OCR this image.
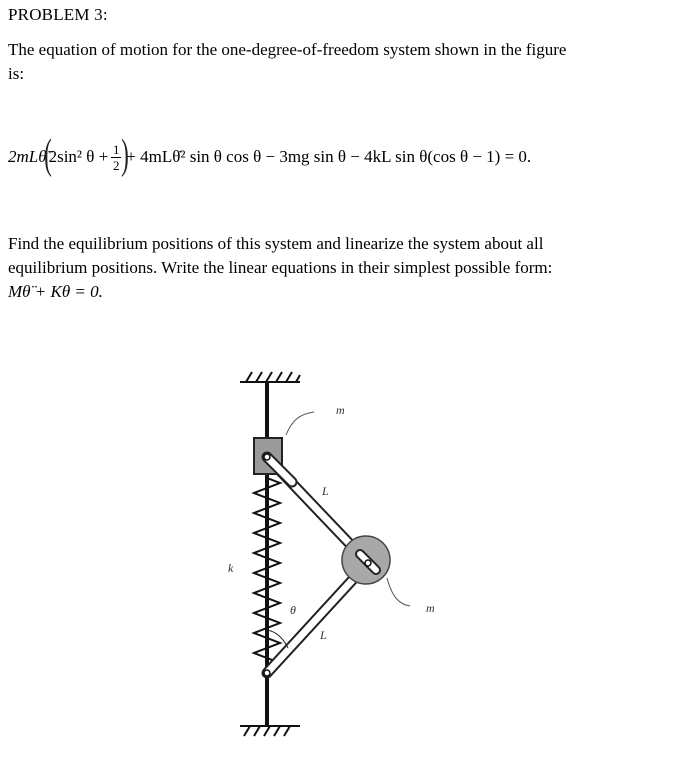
PROBLEM 3:
The equation of motion for the one-degree-of-freedom system shown in the figure
is:
2mLθ̈
(
2sin² $\theta + \frac{1}{2}$ )
+ 4mLθ̇² sin θ cos θ
− 3mg sin θ
− 4kL sin θ(cos θ − 1) = 0.
Find the equilibrium positions of this system and linearize the system about all
equilibrium positions. Write the linear equations in their simplest possible form:
Mθ̈ + Kθ = 0.
m
L
k
m
θ
L
